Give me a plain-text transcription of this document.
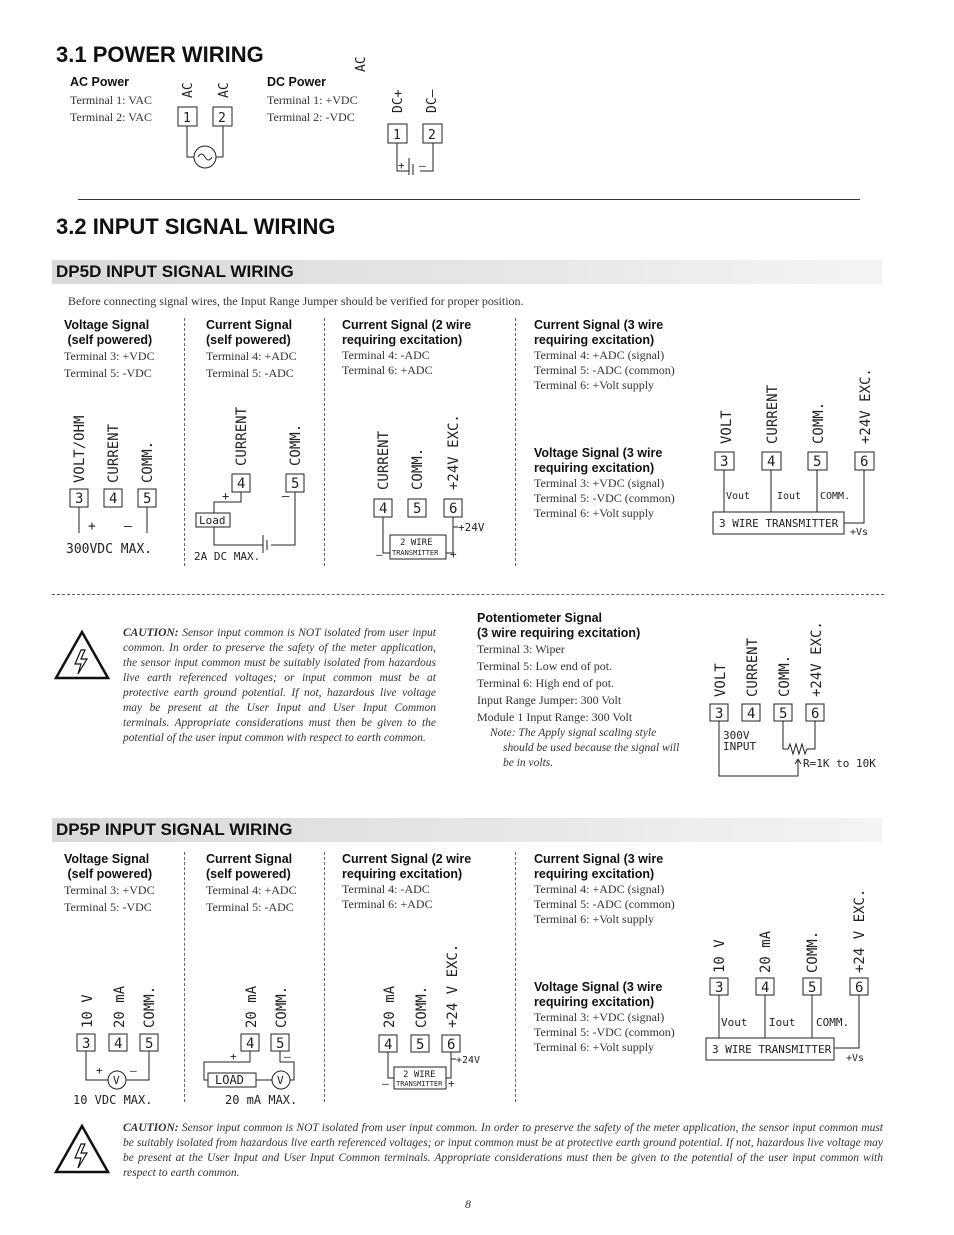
3.1 POWER WIRING
AC Power
Terminal 1: VAC
Terminal 2: VAC
AC
AC AC
1 2
DC Power
Terminal 1: +VDC
Terminal 2: -VDC
DC+ DC–
1 2
+ –
3.2 INPUT SIGNAL WIRING
DP5D INPUT SIGNAL WIRING
Before connecting signal wires, the Input Range Jumper should be verified for proper position.
Voltage Signal
(self powered)
Terminal 3: +VDC
Terminal 5: -VDC
Current Signal
(self powered)
Terminal 4: +ADC
Terminal 5: -ADC
Current Signal (2 wire
requiring excitation)
Terminal 4: -ADC
Terminal 6: +ADC
Current Signal (3 wire
requiring excitation)
Terminal 4: +ADC (signal)
Terminal 5: -ADC (common)
Terminal 6: +Volt supply
Voltage Signal (3 wire
requiring excitation)
Terminal 3: +VDC (signal)
Terminal 5: -VDC (common)
Terminal 6: +Volt supply
VOLT/OHM CURRENT COMM.
3 4 5
+ –
300VDC MAX.
CURRENT	COMM.
4	5
+	–
Load
2A DC MAX.
CURRENT COMM. +24V EXC.
4 5 6
+24V
2 WIRE
TRANSMITTER
–	+
VOLT CURRENT COMM. +24V EXC.
3	4	5	6
Vout	Iout COMM.
3 WIRE TRANSMITTER
+Vs
CAUTION: Sensor input common is NOT isolated from user input common. In order to preserve the safety of the meter application, the sensor input common must be suitably isolated from hazardous live earth referenced voltages; or input common must be at protective earth ground potential. If not, hazardous live voltage may be present at the User Input and User Input Common terminals. Appropriate considerations must then be given to the potential of the user input common with respect to earth common.
Potentiometer Signal
(3 wire requiring excitation)
Terminal 3: Wiper
Terminal 5: Low end of pot.
Terminal 6: High end of pot.
Input Range Jumper: 300 Volt
Module 1 Input Range: 300 Volt
Note: The Apply signal scaling style
should be used because the signal will
be in volts.
VOLT CURRENT COMM. +24V EXC.
3 4 5 6
300V
INPUT
R=1K to 10K
DP5P INPUT SIGNAL WIRING
Voltage Signal
(self powered)
Terminal 3: +VDC
Terminal 5: -VDC
Current Signal
(self powered)
Terminal 4: +ADC
Terminal 5: -ADC
Current Signal (2 wire
requiring excitation)
Terminal 4: -ADC
Terminal 6: +ADC
Current Signal (3 wire
requiring excitation)
Terminal 4: +ADC (signal)
Terminal 5: -ADC (common)
Terminal 6: +Volt supply
Voltage Signal (3 wire
requiring excitation)
Terminal 3: +VDC (signal)
Terminal 5: -VDC (common)
Terminal 6: +Volt supply
10 V 20 mA COMM.
3 4 5
V
+ –
10 VDC MAX.
20 mA COMM.
4 5
+	–
LOAD	V
20 mA MAX.
20 mA COMM. +24 V EXC.
4 5 6
+24V
2 WIRE
TRANSMITTER
–	+
10 V 20 mA COMM. +24 V EXC.
3	4	5	6
Vout Iout COMM.
3 WIRE TRANSMITTER
+Vs
CAUTION: Sensor input common is NOT isolated from user input common. In order to preserve the safety of the meter application, the sensor input common must be suitably isolated from hazardous live earth referenced voltages; or input common must be at protective earth ground potential. If not, hazardous live voltage may be present at the User Input and User Input Common terminals. Appropriate considerations must then be given to the potential of the user input common with respect to earth common.
8
